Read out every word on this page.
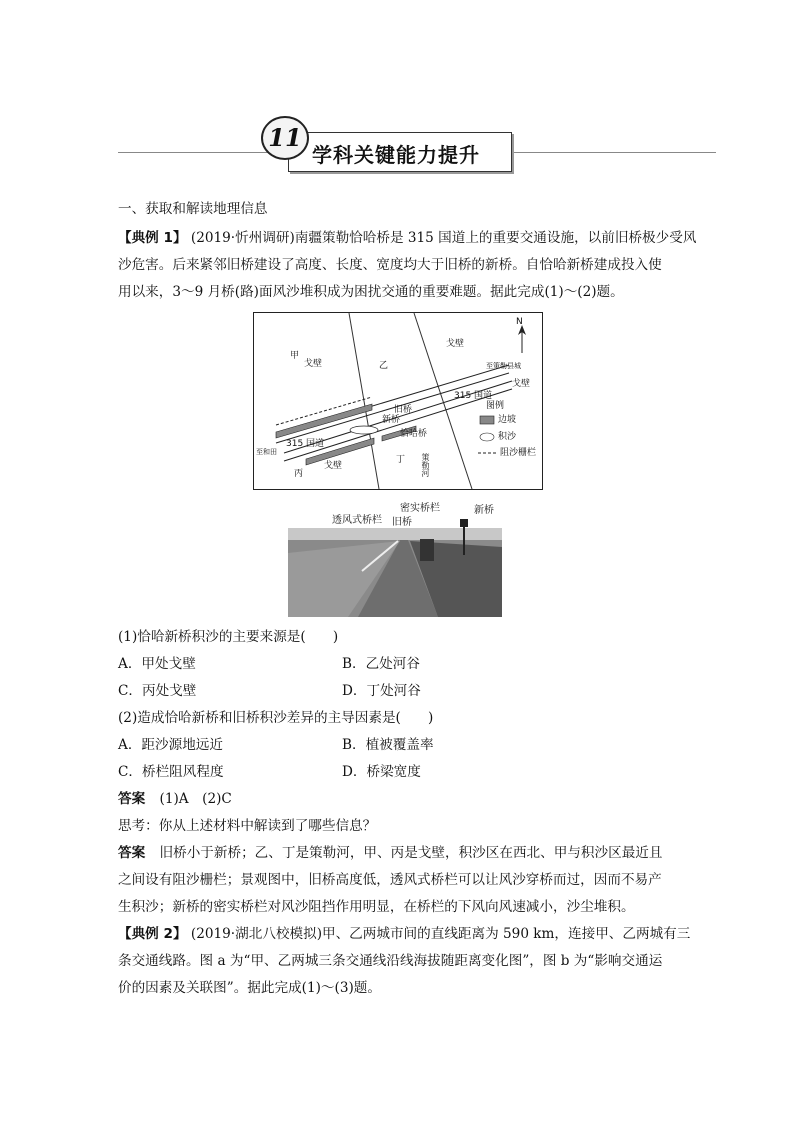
11
学科关键能力提升
一、获取和解读地理信息
【典例 1】 (2019·忻州调研)南疆策勒恰哈桥是 315 国道上的重要交通设施，以前旧桥极少受风
沙危害。后来紧邻旧桥建设了高度、长度、宽度均大于旧桥的新桥。自恰哈新桥建成投入使
用以来，3～9 月桥(路)面风沙堆积成为困扰交通的重要难题。据此完成(1)～(2)题。
N
甲
乙
丙
丁
戈壁
戈壁
戈壁
戈壁
旧桥
新桥
恰哈桥
315 国道
315 国道
至策勒县城
至和田
策勒河
图例
边坡
积沙
阻沙栅栏
透风式桥栏 旧桥
密实桥栏	新桥
(1)恰哈新桥积沙的主要来源是(　　)
A．甲处戈壁	B．乙处河谷
C．丙处戈壁	D．丁处河谷
(2)造成恰哈新桥和旧桥积沙差异的主导因素是(　　)
A．距沙源地远近	B．植被覆盖率
C．桥栏阻风程度	D．桥梁宽度
答案 (1)A　(2)C
思考：你从上述材料中解读到了哪些信息？
答案 旧桥小于新桥；乙、丁是策勒河，甲、丙是戈壁，积沙区在西北、甲与积沙区最近且
之间设有阻沙栅栏；景观图中，旧桥高度低，透风式桥栏可以让风沙穿桥而过，因而不易产
生积沙；新桥的密实桥栏对风沙阻挡作用明显，在桥栏的下风向风速减小，沙尘堆积。
【典例 2】 (2019·湖北八校模拟)甲、乙两城市间的直线距离为 590 km，连接甲、乙两城有三
条交通线路。图 a 为“甲、乙两城三条交通线沿线海拔随距离变化图”，图 b 为“影响交通运
价的因素及关联图”。据此完成(1)～(3)题。
